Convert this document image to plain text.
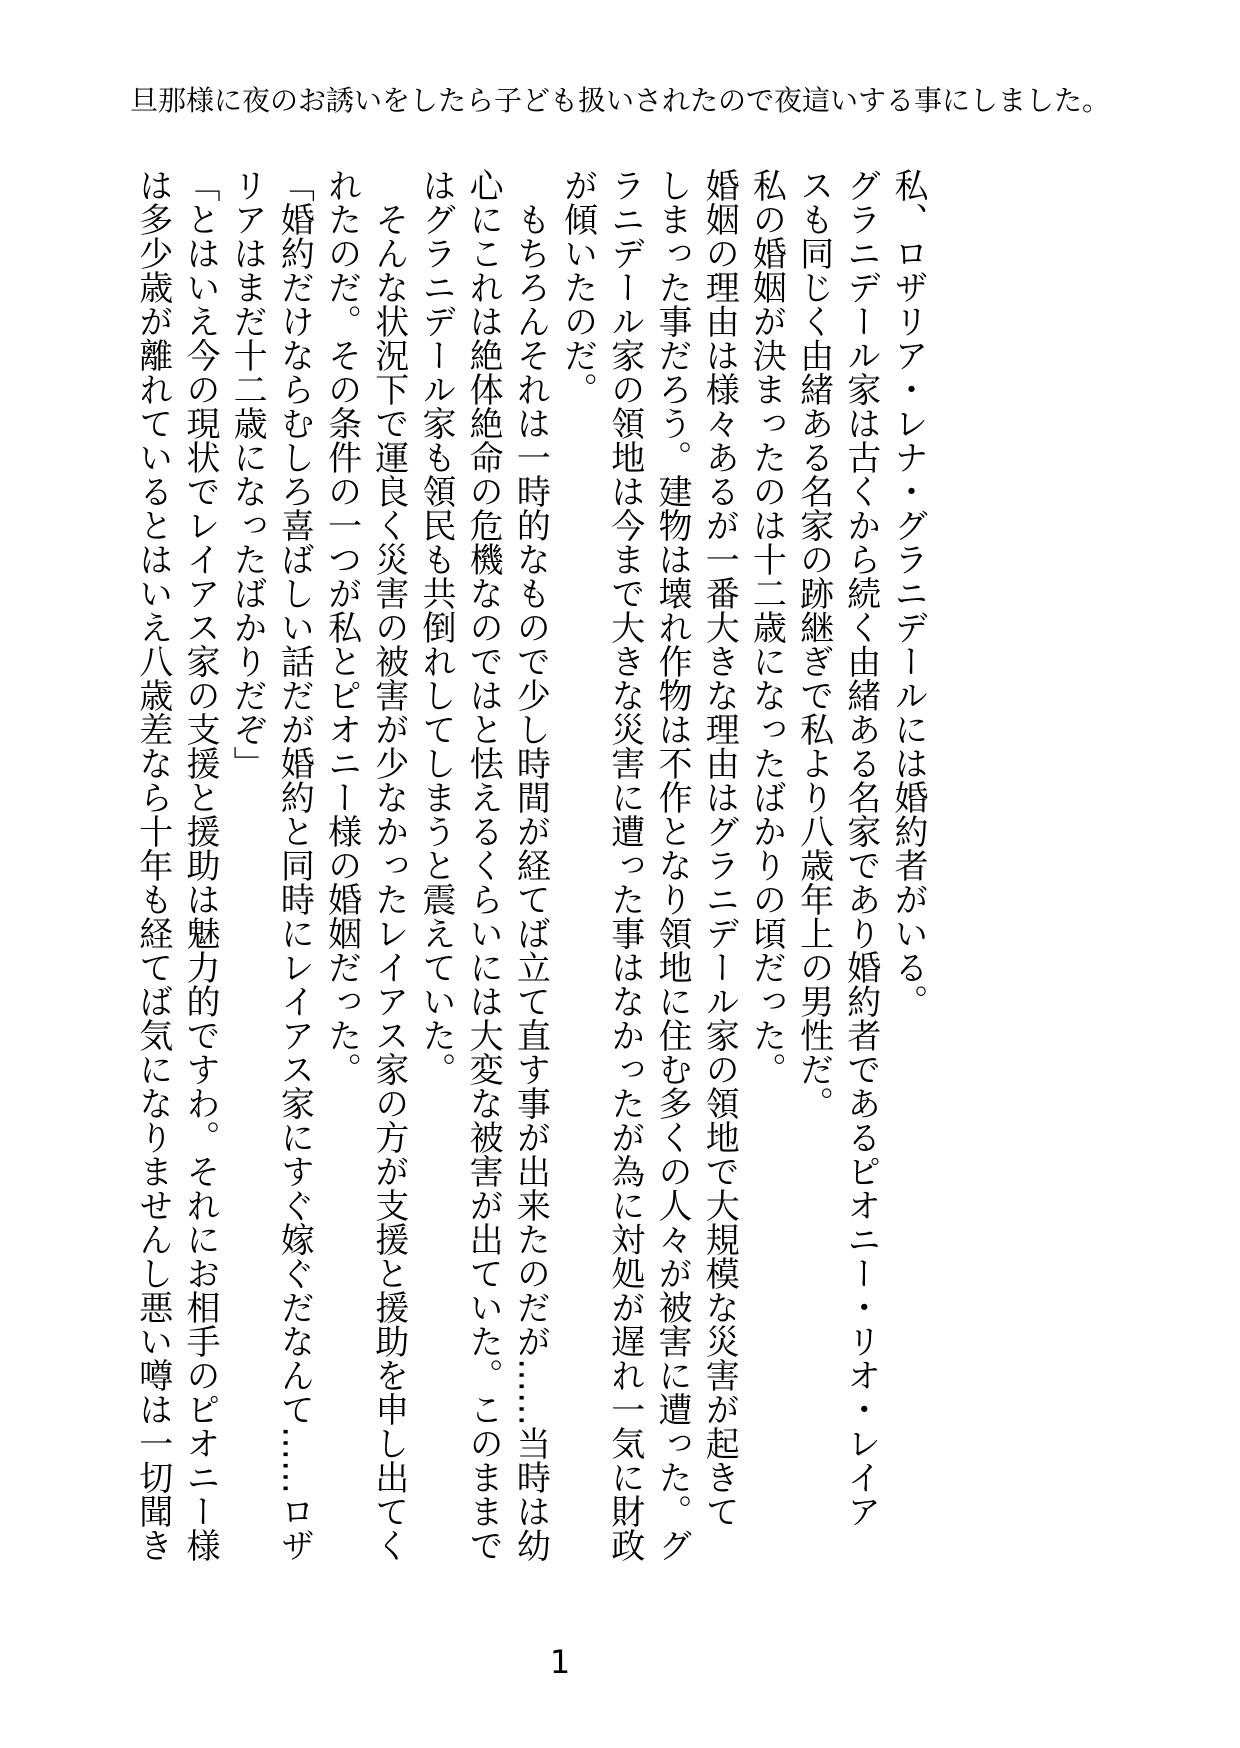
旦那様に夜のお誘いをしたら子ども扱いされたので夜這いする事にしました。
私、ロザリア・レナ・グラニデールには婚約者がいる。
グラニデール家は古くから続く由緒ある名家であり婚約者であるピオニー・リオ・レイア
スも同じく由緒ある名家の跡継ぎで私より八歳年上の男性だ。
私の婚姻が決まったのは十二歳になったばかりの頃だった。
婚姻の理由は様々あるが一番大きな理由はグラニデール家の領地で大規模な災害が起きて
しまった事だろう。建物は壊れ作物は不作となり領地に住む多くの人々が被害に遭った。グ
ラニデール家の領地は今まで大きな災害に遭った事はなかったが為に対処が遅れ一気に財政
が傾いたのだ。
　もちろんそれは一時的なもので少し時間が経てば立て直す事が出来たのだが……当時は幼
心にこれは絶体絶命の危機なのではと怯えるくらいには大変な被害が出ていた。このままで
はグラニデール家も領民も共倒れしてしまうと震えていた。
　そんな状況下で運良く災害の被害が少なかったレイアス家の方が支援と援助を申し出てく
れたのだ。その条件の一つが私とピオニー様の婚姻だった。
「婚約だけならむしろ喜ばしい話だが婚約と同時にレイアス家にすぐ嫁ぐだなんて……ロザ
リアはまだ十二歳になったばかりだぞ」
「とはいえ今の現状でレイアス家の支援と援助は魅力的ですわ。それにお相手のピオニー様
は多少歳が離れているとはいえ八歳差なら十年も経てば気になりませんし悪い噂は一切聞き
1
